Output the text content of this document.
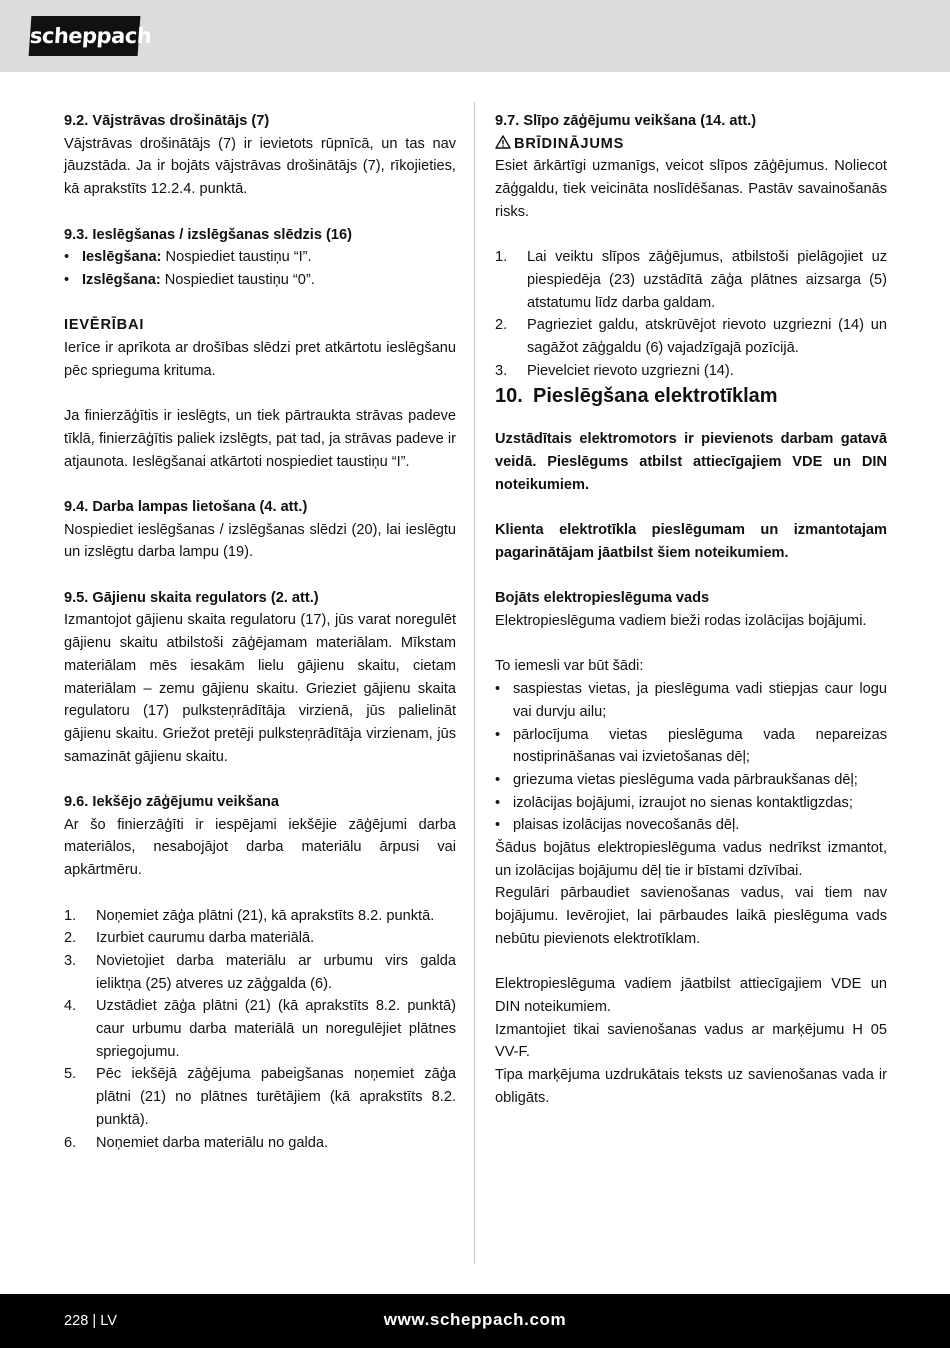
scheppach

9.2. Vājstrāvas drošinātājs (7)

Vājstrāvas drošinātājs (7) ir ievietots rūpnīcā, un tas nav jāuzstāda. Ja ir bojāts vājstrāvas drošinātājs (7), rīkojieties, kā aprakstīts 12.2.4. punktā.

9.3. Ieslēgšanas / izslēgšanas slēdzis (16)

• Ieslēgšana: Nospiediet taustiņu “I”.
• Izslēgšana: Nospiediet taustiņu “0”.

IEVĒRĪBAI

Ierīce ir aprīkota ar drošības slēdzi pret atkārtotu ieslēgšanu pēc sprieguma krituma.

Ja finierzāģītis ir ieslēgts, un tiek pārtraukta strāvas padeve tīklā, finierzāģītis paliek izslēgts, pat tad, ja strāvas padeve ir atjaunota. Ieslēgšanai atkārtoti nospiediet taustiņu “I”.

9.4. Darba lampas lietošana (4. att.)

Nospiediet ieslēgšanas / izslēgšanas slēdzi (20), lai ieslēgtu un izslēgtu darba lampu (19).

9.5. Gājienu skaita regulators (2. att.)

Izmantojot gājienu skaita regulatoru (17), jūs varat noregulēt gājienu skaitu atbilstoši zāģējamam materiālam. Mīkstam materiālam mēs iesakām lielu gājienu skaitu, cietam materiālam – zemu gājienu skaitu. Grieziet gājienu skaita regulatoru (17) pulksteņrādītāja virzienā, jūs palielināt gājienu skaitu. Griežot pretēji pulksteņrādītāja virzienam, jūs samazināt gājienu skaitu.

9.6. Iekšējo zāģējumu veikšana

Ar šo finierzāģīti ir iespējami iekšējie zāģējumi darba materiālos, nesabojājot darba materiālu ārpusi vai apkārtmēru.

1. Noņemiet zāģa plātni (21), kā aprakstīts 8.2. punktā.
2. Izurbiet caurumu darba materiālā.
3. Novietojiet darba materiālu ar urbumu virs galda ieliktņa (25) atveres uz zāģgalda (6).
4. Uzstādiet zāģa plātni (21) (kā aprakstīts 8.2. punktā) caur urbumu darba materiālā un noregulējiet plātnes spriegojumu.
5. Pēc iekšējā zāģējuma pabeigšanas noņemiet zāģa plātni (21) no plātnes turētājiem (kā aprakstīts 8.2. punktā).
6. Noņemiet darba materiālu no galda.

9.7. Slīpo zāģējumu veikšana (14. att.)

BRĪDINĀJUMS

Esiet ārkārtīgi uzmanīgs, veicot slīpos zāģējumus. Noliecot zāģgaldu, tiek veicināta noslīdēšanas. Pastāv savainošanās risks.

1. Lai veiktu slīpos zāģējumus, atbilstoši pielāgojiet uz piespiedēja (23) uzstādītā zāģa plātnes aizsarga (5) atstatumu līdz darba galdam.
2. Pagrieziet galdu, atskrūvējot rievoto uzgriezni (14) un sagāžot zāģgaldu (6) vajadzīgajā pozīcijā.
3. Pievelciet rievoto uzgriezni (14).

10. Pieslēgšana elektrotīklam

Uzstādītais elektromotors ir pievienots darbam gatavā veidā. Pieslēgums atbilst attiecīgajiem VDE un DIN noteikumiem.

Klienta elektrotīkla pieslēgumam un izmantotajam pagarinātājam jāatbilst šiem noteikumiem.

Bojāts elektropieslēguma vads

Elektropieslēguma vadiem bieži rodas izolācijas bojājumi.

To iemesli var būt šādi:

• saspiestas vietas, ja pieslēguma vadi stiepjas caur logu vai durvju ailu;
• pārlocījuma vietas pieslēguma vada nepareizas nostiprināšanas vai izvietošanas dēļ;
• griezuma vietas pieslēguma vada pārbraukšanas dēļ;
• izolācijas bojājumi, izraujot no sienas kontaktligzdas;
• plaisas izolācijas novecošanās dēļ.

Šādus bojātus elektropieslēguma vadus nedrīkst izmantot, un izolācijas bojājumu dēļ tie ir bīstami dzīvībai.

Regulāri pārbaudiet savienošanas vadus, vai tiem nav bojājumu. Ievērojiet, lai pārbaudes laikā pieslēguma vads nebūtu pievienots elektrotīklam.

Elektropieslēguma vadiem jāatbilst attiecīgajiem VDE un DIN noteikumiem.

Izmantojiet tikai savienošanas vadus ar marķējumu H 05 VV-F.

Tipa marķējuma uzdrukātais teksts uz savienošanas vada ir obligāts.

228 | LV	www.scheppach.com
